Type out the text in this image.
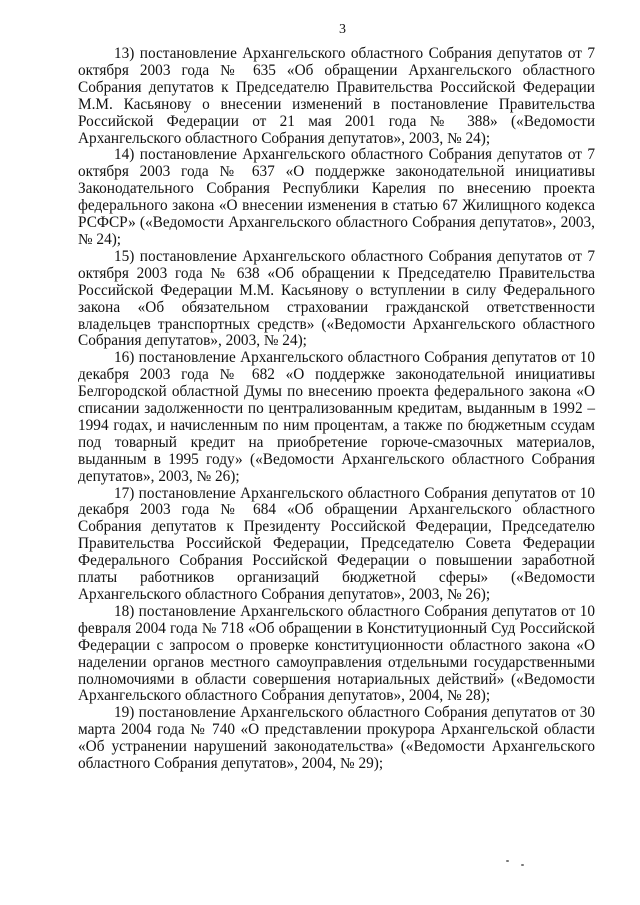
3

13) постановление Архангельского областного Собрания депутатов от 7 октября 2003 года № 635 «Об обращении Архангельского областного Собрания депутатов к Председателю Правительства Российской Федерации М.М. Касьянову о внесении изменений в постановление Правительства Российской Федерации от 21 мая 2001 года № 388» («Ведомости Архангельского областного Собрания депутатов», 2003, № 24);

14) постановление Архангельского областного Собрания депутатов от 7 октября 2003 года № 637 «О поддержке законодательной инициативы Законодательного Собрания Республики Карелия по внесению проекта федерального закона «О внесении изменения в статью 67 Жилищного кодекса РСФСР» («Ведомости Архангельского областного Собрания депутатов», 2003, № 24);

15) постановление Архангельского областного Собрания депутатов от 7 октября 2003 года № 638 «Об обращении к Председателю Правительства Российской Федерации М.М. Касьянову о вступлении в силу Федерального закона «Об обязательном страховании гражданской ответственности владельцев транспортных средств» («Ведомости Архангельского областного Собрания депутатов», 2003, № 24);

16) постановление Архангельского областного Собрания депутатов от 10 декабря 2003 года № 682 «О поддержке законодательной инициативы Белгородской областной Думы по внесению проекта федерального закона «О списании задолженности по централизованным кредитам, выданным в 1992 – 1994 годах, и начисленным по ним процентам, а также по бюджетным ссудам под товарный кредит на приобретение горюче-смазочных материалов, выданным в 1995 году» («Ведомости Архангельского областного Собрания депутатов», 2003, № 26);

17) постановление Архангельского областного Собрания депутатов от 10 декабря 2003 года № 684 «Об обращении Архангельского областного Собрания депутатов к Президенту Российской Федерации, Председателю Правительства Российской Федерации, Председателю Совета Федерации Федерального Собрания Российской Федерации о повышении заработной платы работников организаций бюджетной сферы» («Ведомости Архангельского областного Собрания депутатов», 2003, № 26);

18) постановление Архангельского областного Собрания депутатов от 10 февраля 2004 года № 718 «Об обращении в Конституционный Суд Российской Федерации с запросом о проверке конституционности областного закона «О наделении органов местного самоуправления отдельными государственными полномочиями в области совершения нотариальных действий» («Ведомости Архангельского областного Собрания депутатов», 2004, № 28);

19) постановление Архангельского областного Собрания депутатов от 30 марта 2004 года № 740 «О представлении прокурора Архангельской области «Об устранении нарушений законодательства» («Ведомости Архангельского областного Собрания депутатов», 2004, № 29);
